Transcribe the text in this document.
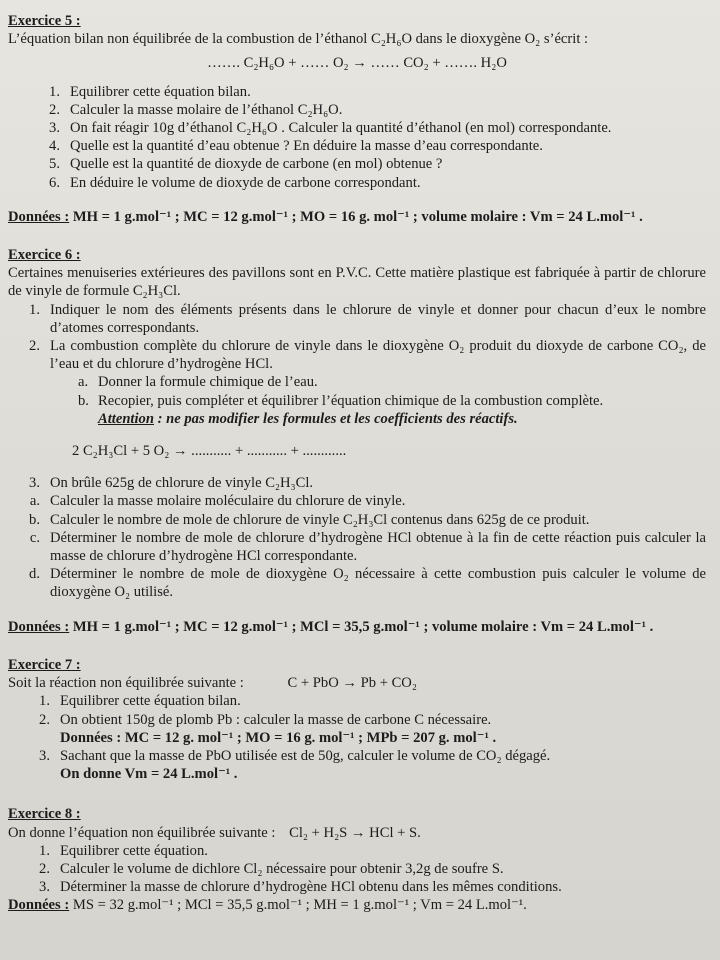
Exercice 5 :
L’équation bilan non équilibrée de la combustion de l’éthanol C₂H₆O dans le dioxygène O₂ s’écrit :
……. C₂H₆O + …… O₂ → …… CO₂ + ……. H₂O
1. Equilibrer cette équation bilan.
2. Calculer la masse molaire de l’éthanol C₂H₆O.
3. On fait réagir 10g d’éthanol C₂H₆O . Calculer la quantité d’éthanol (en mol) correspondante.
4. Quelle est la quantité d’eau obtenue ? En déduire la masse d’eau correspondante.
5. Quelle est la quantité de dioxyde de carbone (en mol) obtenue ?
6. En déduire le volume de dioxyde de carbone correspondant.
Données : MH = 1 g.mol⁻¹ ; MC = 12 g.mol⁻¹ ; MO = 16 g. mol⁻¹ ; volume molaire : Vm = 24 L.mol⁻¹ .
Exercice 6 :
Certaines menuiseries extérieures des pavillons sont en P.V.C. Cette matière plastique est fabriquée à partir de chlorure de vinyle de formule C₂H₃Cl.
1. Indiquer le nom des éléments présents dans le chlorure de vinyle et donner pour chacun d’eux le nombre d’atomes correspondants.
2. La combustion complète du chlorure de vinyle dans le dioxygène O₂ produit du dioxyde de carbone CO₂, de l’eau et du chlorure d’hydrogène HCl.
a. Donner la formule chimique de l’eau.
b. Recopier, puis compléter et équilibrer l’équation chimique de la combustion complète.
Attention : ne pas modifier les formules et les coefficients des réactifs.
2 C₂H₃Cl + 5 O₂ → ........... + ........... + ............
3. On brûle 625g de chlorure de vinyle C₂H₃Cl.
a. Calculer la masse molaire moléculaire du chlorure de vinyle.
b. Calculer le nombre de mole de chlorure de vinyle C₂H₃Cl contenus dans 625g de ce produit.
c. Déterminer le nombre de mole de chlorure d’hydrogène HCl obtenue à la fin de cette réaction puis calculer la masse de chlorure d’hydrogène HCl correspondante.
d. Déterminer le nombre de mole de dioxygène O₂ nécessaire à cette combustion puis calculer le volume de dioxygène O₂ utilisé.
Données : MH = 1 g.mol⁻¹ ; MC = 12 g.mol⁻¹ ; MCl = 35,5 g.mol⁻¹ ; volume molaire : Vm = 24 L.mol⁻¹ .
Exercice 7 :
Soit la réaction non équilibrée suivante :	C + PbO → Pb + CO₂
1. Equilibrer cette équation bilan.
2. On obtient 150g de plomb Pb : calculer la masse de carbone C nécessaire.
Données : MC = 12 g. mol⁻¹ ; MO = 16 g. mol⁻¹ ; MPb = 207 g. mol⁻¹ .
3. Sachant que la masse de PbO utilisée est de 50g, calculer le volume de CO₂ dégagé.
On donne Vm = 24 L.mol⁻¹ .
Exercice 8 :
On donne l’équation non équilibrée suivante : Cl₂ + H₂S → HCl + S.
1. Equilibrer cette équation.
2. Calculer le volume de dichlore Cl₂ nécessaire pour obtenir 3,2g de soufre S.
3. Déterminer la masse de chlorure d’hydrogène HCl obtenu dans les mêmes conditions.
Données : MS = 32 g.mol⁻¹ ; MCl = 35,5 g.mol⁻¹ ; MH = 1 g.mol⁻¹ ; Vm = 24 L.mol⁻¹.
